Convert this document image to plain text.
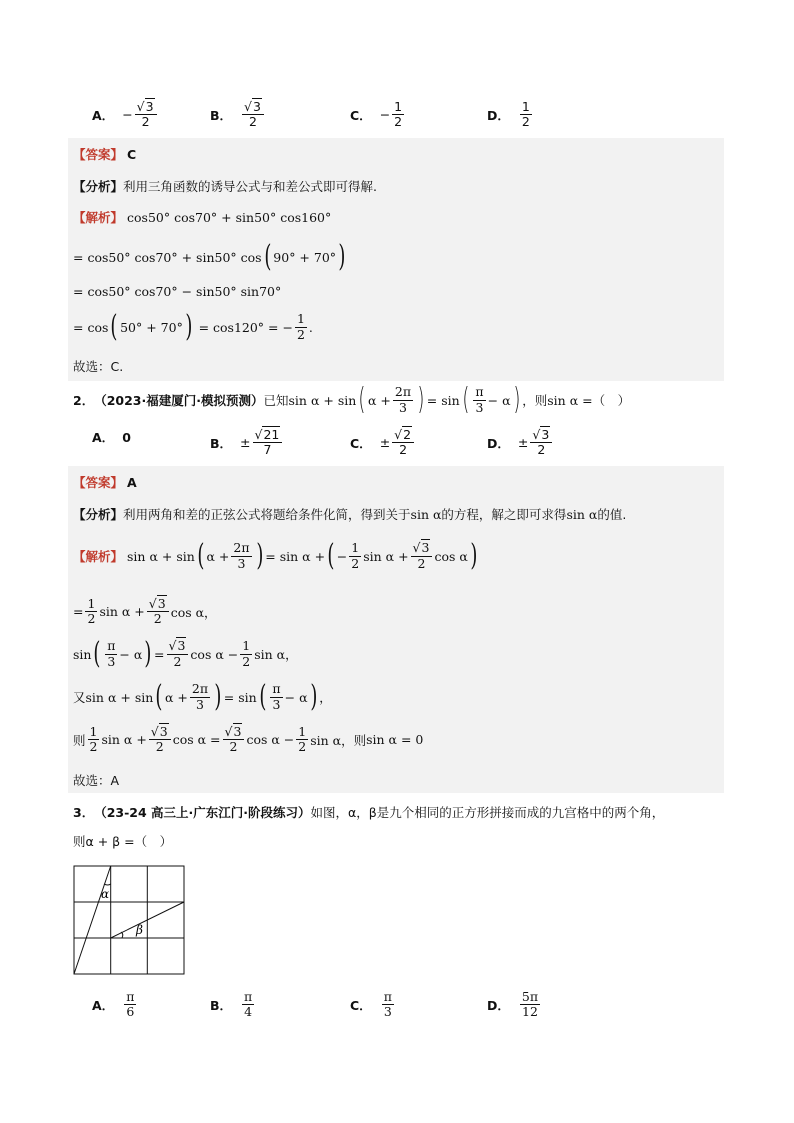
A． − $\frac{√3}{2}$	B． $\frac{√3}{2}$	C． − $\frac{1}{2}$	D． $\frac{1}{2}$
【答案】 C
【分析】 利用三角函数的诱导公式与和差公式即可得解.
【解析】 cos50° cos70° + sin50° cos160°
= cos50° cos70° + sin50° cos ( 90° + 70° )
= cos50° cos70° − sin50° sin70°
= cos ( 50° + 70° ) = cos120° = − $\frac{1}{2}$ .
故选：C.
2． （2023·福建厦门·模拟预测） 已知 sin α + sin ( $\alpha + \frac{2\pi}{3}$ ) = sin ( $\frac{\pi}{3} - \alpha$ ) ，则 sin α = （　）
A． 0	B． ± $\frac{√21}{7}$	C． ± $\frac{√2}{2}$	D． ± $\frac{√3}{2}$
【答案】 A
【分析】 利用两角和差的正弦公式将题给条件化简，得到关于 sin α 的方程，解之即可求得 sin α 的值.
【解析】 sin α + sin ( $\alpha + \frac{2\pi}{3}$ ) = sin α + ( − $\frac{1}{2}$ $\sin \alpha + \frac{√3}{2}$ cos α )
= $\frac{1}{2}$ $\sin \alpha + \frac{√3}{2}$ cos α，
sin ( $\frac{\pi}{3} - \alpha$ ) = $\frac{√3}{2}$ $\cos \alpha - \frac{1}{2}$ sin α，
又 sin α + sin ( $\alpha + \frac{2\pi}{3}$ ) = sin ( $\frac{\pi}{3} - \alpha$ ) ，
则 $\frac{1}{2}$ $\sin \alpha + \frac{√3}{2}$ $\cos \alpha = \frac{√3}{2}$ $\cos \alpha - \frac{1}{2}$ sin α，则 sin α = 0
故选：A
3． （23-24 高三上·广东江门·阶段练习） 如图，α，β是九个相同的正方形拼接而成的九宫格中的两个角，
则α + β =（　）
α
β
A． $\frac{\pi}{6}$	B． $\frac{\pi}{4}$	C． $\frac{\pi}{3}$	D． $\frac{5\pi}{12}$
